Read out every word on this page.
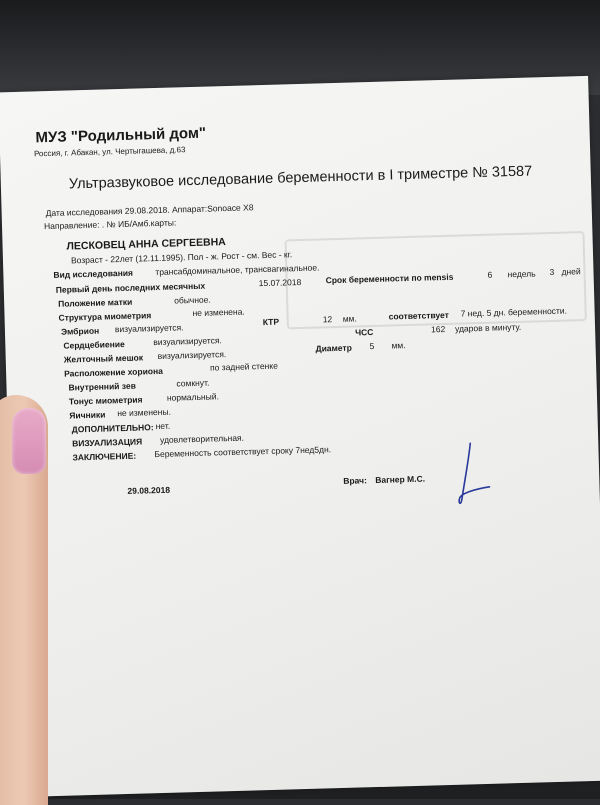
МУЗ "Родильный дом"
Россия, г. Абакан, ул. Чертыгашева, д.63
Ультразвуковое исследование беременности в I триместре № 31587
Дата исследования 29.08.2018. Аппарат:Sonoace X8
Направление: . № ИБ/Амб.карты:
ЛЕСКОВЕЦ АННА СЕРГЕЕВНА
Возраст - 22лет (12.11.1995). Пол - ж. Рост - см. Вес - кг.
Вид исследования	трансабдоминальное, трансвагинальное.
Первый день последних месячных	15.07.2018	Срок беременности по mensis	6 недель 3 дней
Положение матки	обычное.
Структура миометрия	не изменена.
Эмбрион визуализируется.
КТР	12 мм.	соответствует 7 нед. 5 дн. беременности.
Сердцебиение	визуализируется.
ЧСС	162 ударов в минуту.
Желточный мешок визуализируется.
Диаметр 5 мм.
Расположение хориона	по задней стенке
Внутренний зев	сомкнут.
Тонус миометрия	нормальный.
Яичники не изменены.
ДОПОЛНИТЕЛЬНО: нет.
ВИЗУАЛИЗАЦИЯ удовлетворительная.
ЗАКЛЮЧЕНИЕ: Беременность соответствует сроку 7нед5дн.
29.08.2018
Врач: Вагнер М.С.
